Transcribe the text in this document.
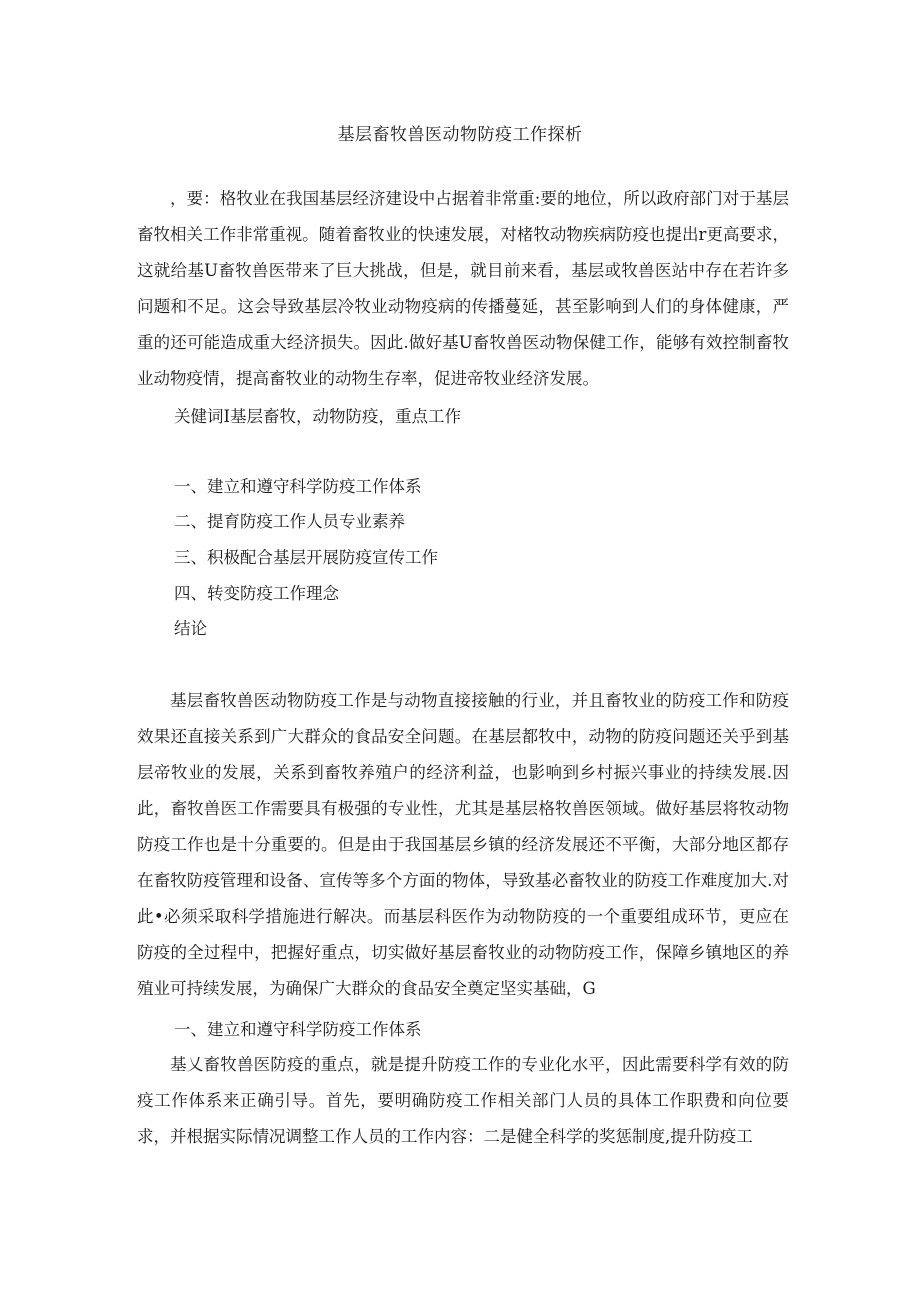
基层畜牧兽医动物防疫工作探析

，要：格牧业在我国基层经济建设中占据着非常重:要的地位，所以政府部门对于基层畜牧相关工作非常重视。随着畜牧业的快速发展，对楮牧动物疾病防疫也提出r更高要求，这就给基U畜牧兽医带来了巨大挑战，但是，就目前来看，基层或牧兽医站中存在若许多问题和不足。这会导致基层冷牧业动物疫病的传播蔓延，甚至影响到人们的身体健康，严重的还可能造成重大经济损失。因此.做好基U畜牧兽医动物保健工作，能够有效控制畜牧业动物疫情，提高畜牧业的动物生存率，促进帝牧业经济发展。

关健词I基层畜牧，动物防疫，重点工作

一、建立和遵守科学防疫工作体系

二、提育防疫工作人员专业素养

三、积极配合基层开展防疫宣传工作

四、转变防疫工作理念

结论

基层畜牧兽医动物防疫工作是与动物直接接触的行业，并且畜牧业的防疫工作和防疫效果还直接关系到广大群众的食品安全问题。在基层都牧中，动物的防疫问题还关乎到基层帝牧业的发展，关系到畜牧养殖户的经济利益，也影响到乡村振兴事业的持续发展.因此，畜牧兽医工作需要具有极强的专业性，尤其是基层格牧兽医领域。做好基层将牧动物防疫工作也是十分重要的。但是由于我国基层乡镇的经济发展还不平衡，大部分地区都存在畜牧防疫管理和设备、宣传等多个方面的物体，导致基必畜牧业的防疫工作难度加大.对此•必须采取科学措施进行解决。而基层科医作为动物防疫的一个重要组成环节，更应在防疫的全过程中，把握好重点，切实做好基层畜牧业的动物防疫工作，保障乡镇地区的养殖业可持续发展，为确保广大群众的食品安全奠定坚实基础，G

一、建立和遵守科学防疫工作体系

基乂畜牧兽医防疫的重点，就是提升防疫工作的专业化水平，因此需要科学有效的防疫工作体系来正确引导。首先，要明确防疫工作相关部门人员的具体工作职费和向位要求，并根据实际情况调整工作人员的工作内容：二是健全科学的奖惩制度,提升防疫工
